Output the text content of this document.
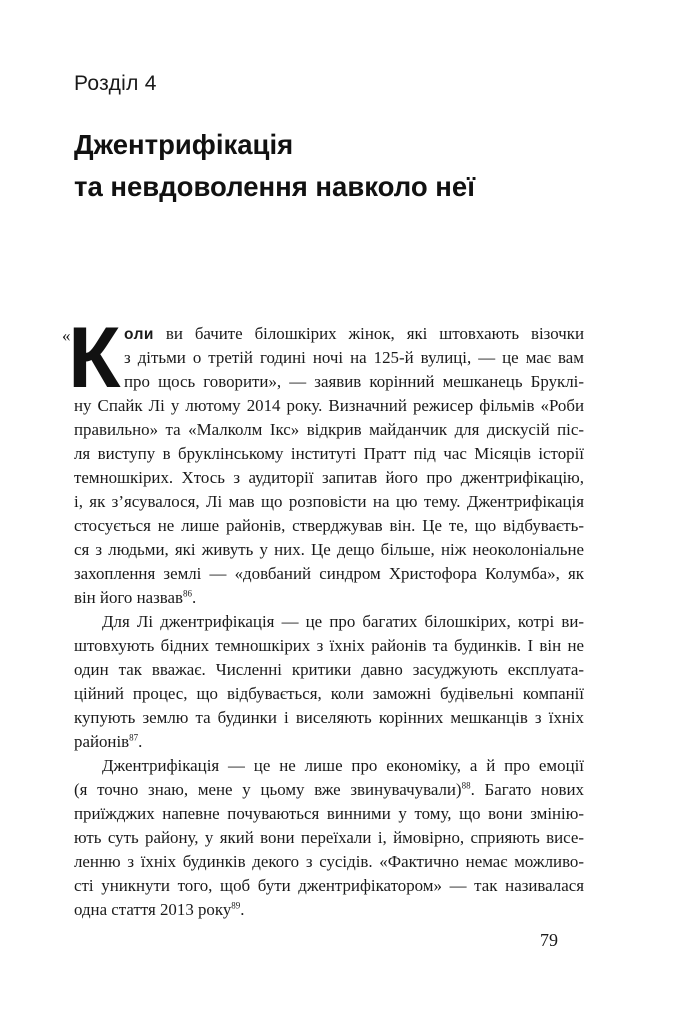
Розділ 4
Джентрифікація
та невдоволення навколо неї
«
К оли ви бачите білошкірих жінок, які штовхають візочки
з дітьми о третій годині ночі на 125-й вулиці, — це має вам
про щось говорити», — заявив корінний мешканець Бруклі-
ну Спайк Лі у лютому 2014 року. Визначний режисер фільмів «Роби
правильно» та «Малколм Ікс» відкрив майданчик для дискусій піс-
ля виступу в бруклінському інституті Пратт під час Місяців історії
темношкірих. Хтось з аудиторії запитав його про джентрифікацію,
і, як з’ясувалося, Лі мав що розповісти на цю тему. Джентрифікація
стосується не лише районів, стверджував він. Це те, що відбуваєть-
ся з людьми, які живуть у них. Це дещо більше, ніж неоколоніальне
захоплення землі — «довбаний синдром Христофора Колумба», як
він його назвав$^{86}$.
Для Лі джентрифікація — це про багатих білошкірих, котрі ви-
штовхують бідних темношкірих з їхніх районів та будинків. І він не
один так вважає. Численні критики давно засуджують експлуата-
ційний процес, що відбувається, коли заможні будівельні компанії
купують землю та будинки і виселяють корінних мешканців з їхніх
районів$^{87}$.
Джентрифікація — це не лише про економіку, а й про емоції
(я точно знаю, мене у цьому вже звинувачували)$^{88}$. Багато нових
приїжджих напевне почуваються винними у тому, що вони змінію-
ють суть району, у який вони переїхали і, ймовірно, сприяють висе-
ленню з їхніх будинків декого з сусідів. «Фактично немає можливо-
сті уникнути того, щоб бути джентрифікатором» — так називалася
одна стаття 2013 року$^{89}$.
79
